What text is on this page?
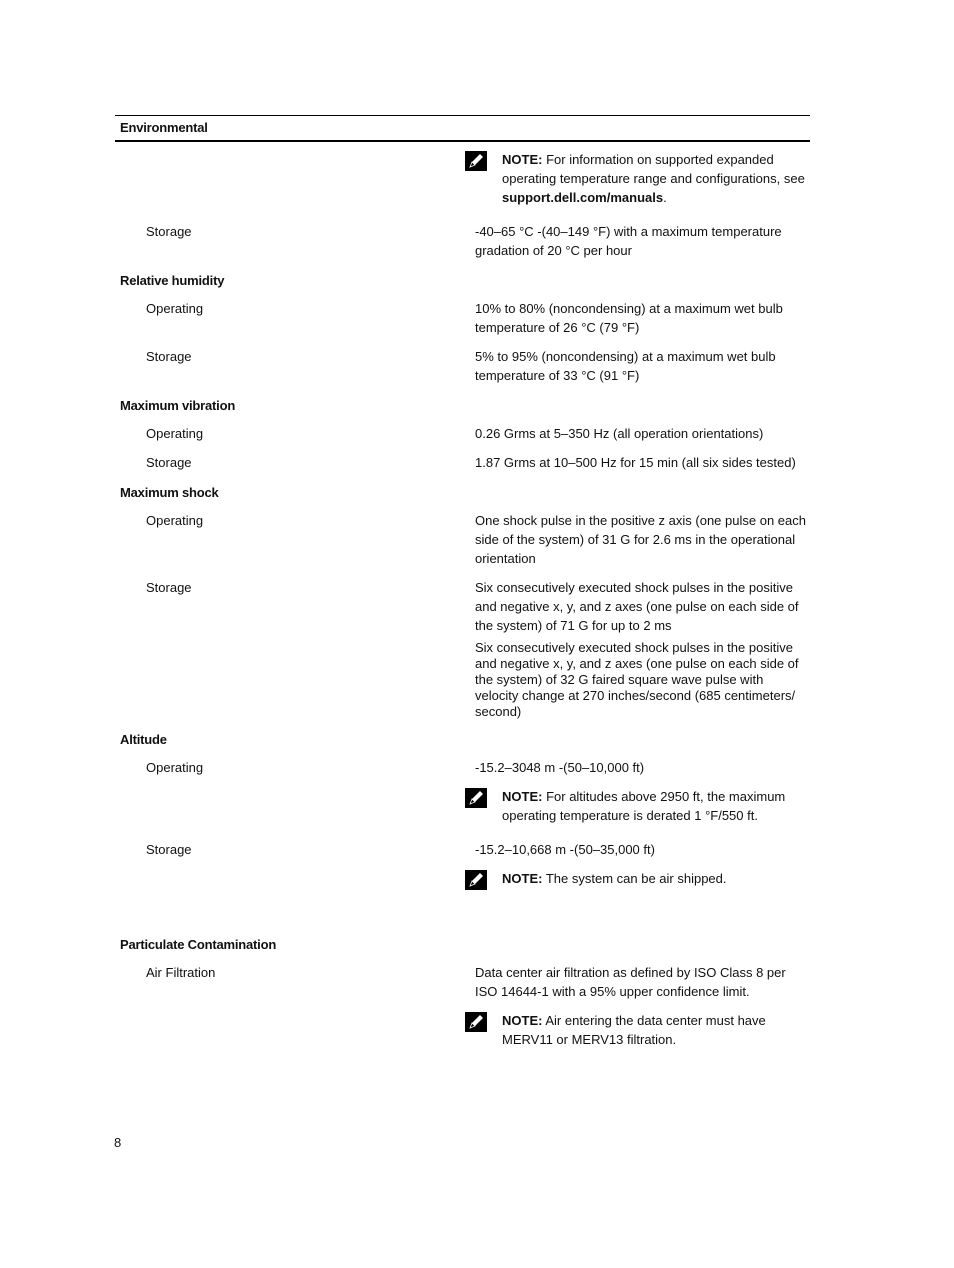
Environmental
NOTE: For information on supported expanded operating temperature range and configurations, see support.dell.com/manuals.
Storage	-40–65 °C -(40–149 °F) with a maximum temperature gradation of 20 °C per hour
Relative humidity
Operating	10% to 80% (noncondensing) at a maximum wet bulb temperature of 26 °C (79 °F)
Storage	5% to 95% (noncondensing) at a maximum wet bulb temperature of 33 °C (91 °F)
Maximum vibration
Operating	0.26 Grms at 5–350 Hz (all operation orientations)
Storage	1.87 Grms at 10–500 Hz for 15 min (all six sides tested)
Maximum shock
Operating	One shock pulse in the positive z axis (one pulse on each side of the system) of 31 G for 2.6 ms in the operational orientation
Storage	Six consecutively executed shock pulses in the positive and negative x, y, and z axes (one pulse on each side of the system) of 71 G for up to 2 ms
Six consecutively executed shock pulses in the positive and negative x, y, and z axes (one pulse on each side of the system) of 32 G faired square wave pulse with velocity change at 270 inches/second (685 centimeters/ second)
Altitude
Operating	-15.2–3048 m -(50–10,000 ft)
NOTE: For altitudes above 2950 ft, the maximum operating temperature is derated 1 °F/550 ft.
Storage	-15.2–10,668 m -(50–35,000 ft)
NOTE: The system can be air shipped.
Particulate Contamination
Air Filtration	Data center air filtration as defined by ISO Class 8 per ISO 14644-1 with a 95% upper confidence limit.
NOTE: Air entering the data center must have MERV11 or MERV13 filtration.
8
